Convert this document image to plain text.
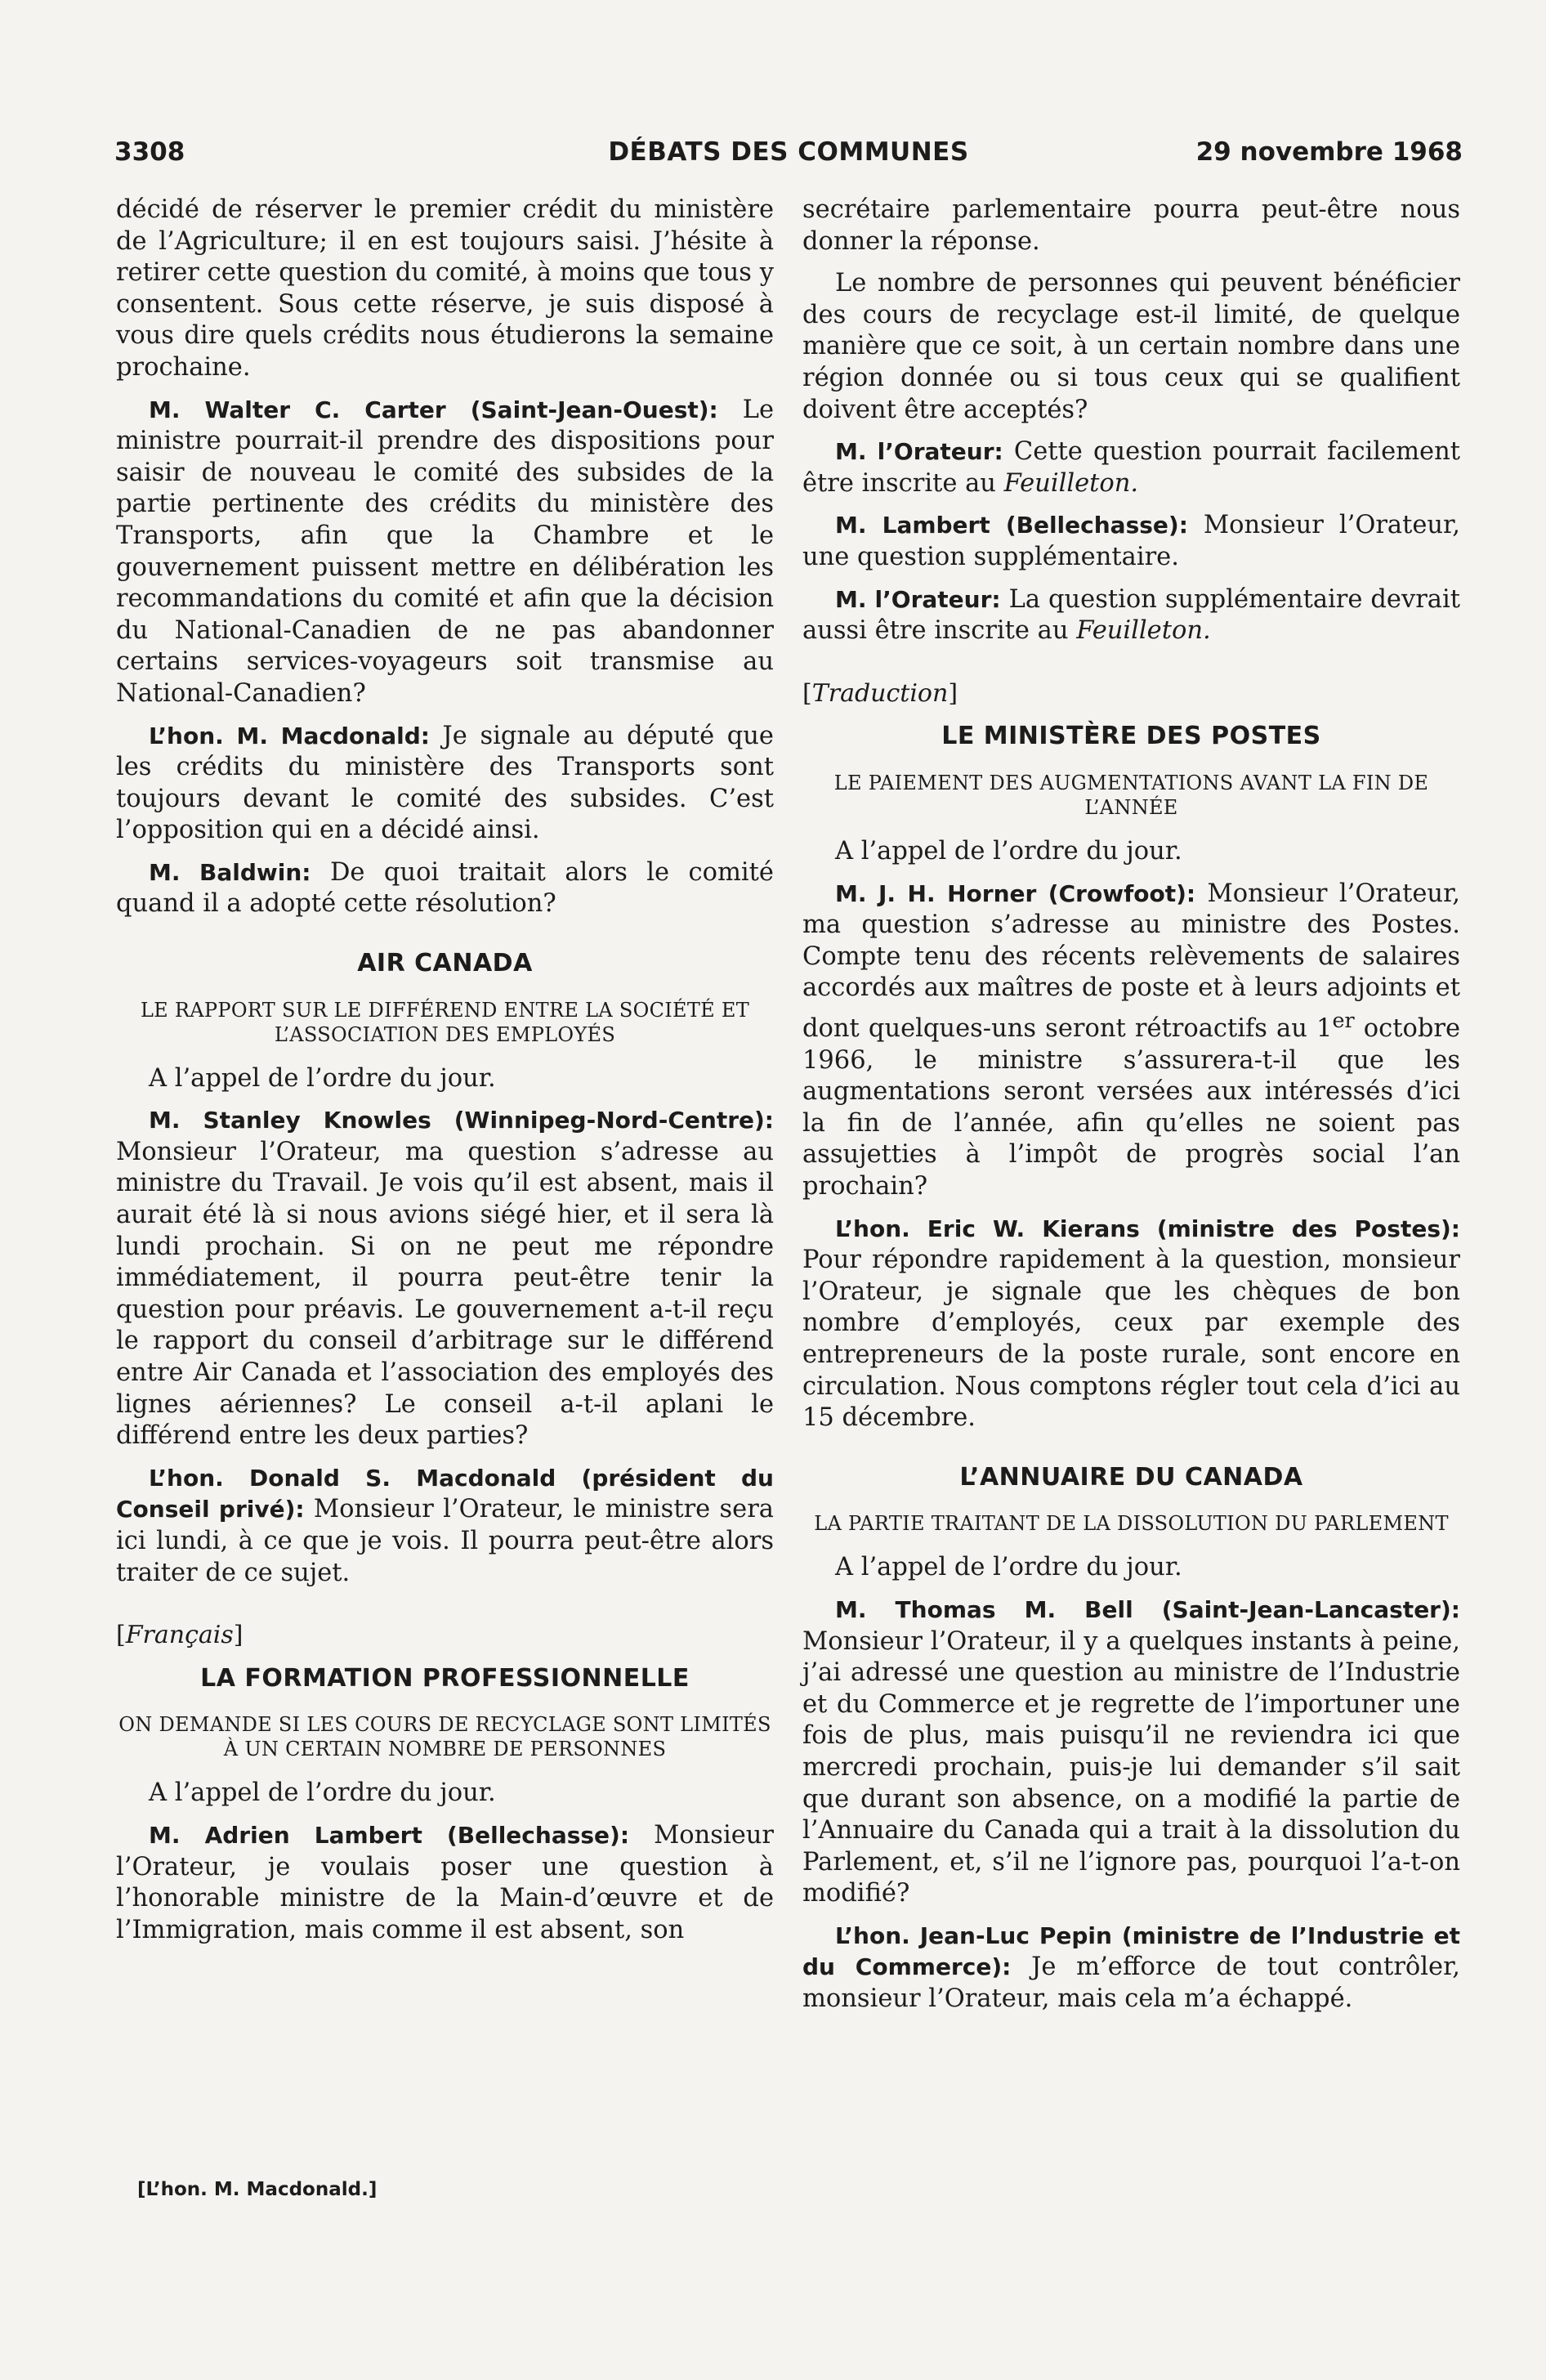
3308	DÉBATS DES COMMUNES	29 novembre 1968

décidé de réserver le premier crédit du ministère de l’Agriculture; il en est toujours saisi. J’hésite à retirer cette question du comité, à moins que tous y consentent. Sous cette réserve, je suis disposé à vous dire quels crédits nous étudierons la semaine prochaine.

M. Walter C. Carter (Saint-Jean-Ouest): Le ministre pourrait-il prendre des dispositions pour saisir de nouveau le comité des subsides de la partie pertinente des crédits du ministère des Transports, afin que la Chambre et le gouvernement puissent mettre en délibération les recommandations du comité et afin que la décision du National-Canadien de ne pas abandonner certains services-voyageurs soit transmise au National-Canadien?

L’hon. M. Macdonald: Je signale au député que les crédits du ministère des Transports sont toujours devant le comité des subsides. C’est l’opposition qui en a décidé ainsi.

M. Baldwin: De quoi traitait alors le comité quand il a adopté cette résolution?

AIR CANADA
LE RAPPORT SUR LE DIFFÉREND ENTRE LA SOCIÉTÉ ET L’ASSOCIATION DES EMPLOYÉS

A l’appel de l’ordre du jour.

M. Stanley Knowles (Winnipeg-Nord-Centre): Monsieur l’Orateur, ma question s’adresse au ministre du Travail. Je vois qu’il est absent, mais il aurait été là si nous avions siégé hier, et il sera là lundi prochain. Si on ne peut me répondre immédiatement, il pourra peut-être tenir la question pour préavis. Le gouvernement a-t-il reçu le rapport du conseil d’arbitrage sur le différend entre Air Canada et l’association des employés des lignes aériennes? Le conseil a-t-il aplani le différend entre les deux parties?

L’hon. Donald S. Macdonald (président du Conseil privé): Monsieur l’Orateur, le ministre sera ici lundi, à ce que je vois. Il pourra peut-être alors traiter de ce sujet.

[Français]
LA FORMATION PROFESSIONNELLE
ON DEMANDE SI LES COURS DE RECYCLAGE SONT LIMITÉS À UN CERTAIN NOMBRE DE PERSONNES

A l’appel de l’ordre du jour.

M. Adrien Lambert (Bellechasse): Monsieur l’Orateur, je voulais poser une question à l’honorable ministre de la Main-d’œuvre et de l’Immigration, mais comme il est absent, son

secrétaire parlementaire pourra peut-être nous donner la réponse.

Le nombre de personnes qui peuvent bénéficier des cours de recyclage est-il limité, de quelque manière que ce soit, à un certain nombre dans une région donnée ou si tous ceux qui se qualifient doivent être acceptés?

M. l’Orateur: Cette question pourrait facilement être inscrite au Feuilleton.

M. Lambert (Bellechasse): Monsieur l’Orateur, une question supplémentaire.

M. l’Orateur: La question supplémentaire devrait aussi être inscrite au Feuilleton.

[Traduction]
LE MINISTÈRE DES POSTES
LE PAIEMENT DES AUGMENTATIONS AVANT LA FIN DE L’ANNÉE

A l’appel de l’ordre du jour.

M. J. H. Horner (Crowfoot): Monsieur l’Orateur, ma question s’adresse au ministre des Postes. Compte tenu des récents relèvements de salaires accordés aux maîtres de poste et à leurs adjoints et dont quelques-uns seront rétroactifs au 1er octobre 1966, le ministre s’assurera-t-il que les augmentations seront versées aux intéressés d’ici la fin de l’année, afin qu’elles ne soient pas assujetties à l’impôt de progrès social l’an prochain?

L’hon. Eric W. Kierans (ministre des Postes): Pour répondre rapidement à la question, monsieur l’Orateur, je signale que les chèques de bon nombre d’employés, ceux par exemple des entrepreneurs de la poste rurale, sont encore en circulation. Nous comptons régler tout cela d’ici au 15 décembre.

L’ANNUAIRE DU CANADA
LA PARTIE TRAITANT DE LA DISSOLUTION DU PARLEMENT

A l’appel de l’ordre du jour.

M. Thomas M. Bell (Saint-Jean-Lancaster): Monsieur l’Orateur, il y a quelques instants à peine, j’ai adressé une question au ministre de l’Industrie et du Commerce et je regrette de l’importuner une fois de plus, mais puisqu’il ne reviendra ici que mercredi prochain, puis-je lui demander s’il sait que durant son absence, on a modifié la partie de l’Annuaire du Canada qui a trait à la dissolution du Parlement, et, s’il ne l’ignore pas, pourquoi l’a-t-on modifié?

L’hon. Jean-Luc Pepin (ministre de l’Industrie et du Commerce): Je m’efforce de tout contrôler, monsieur l’Orateur, mais cela m’a échappé.

[L’hon. M. Macdonald.]
